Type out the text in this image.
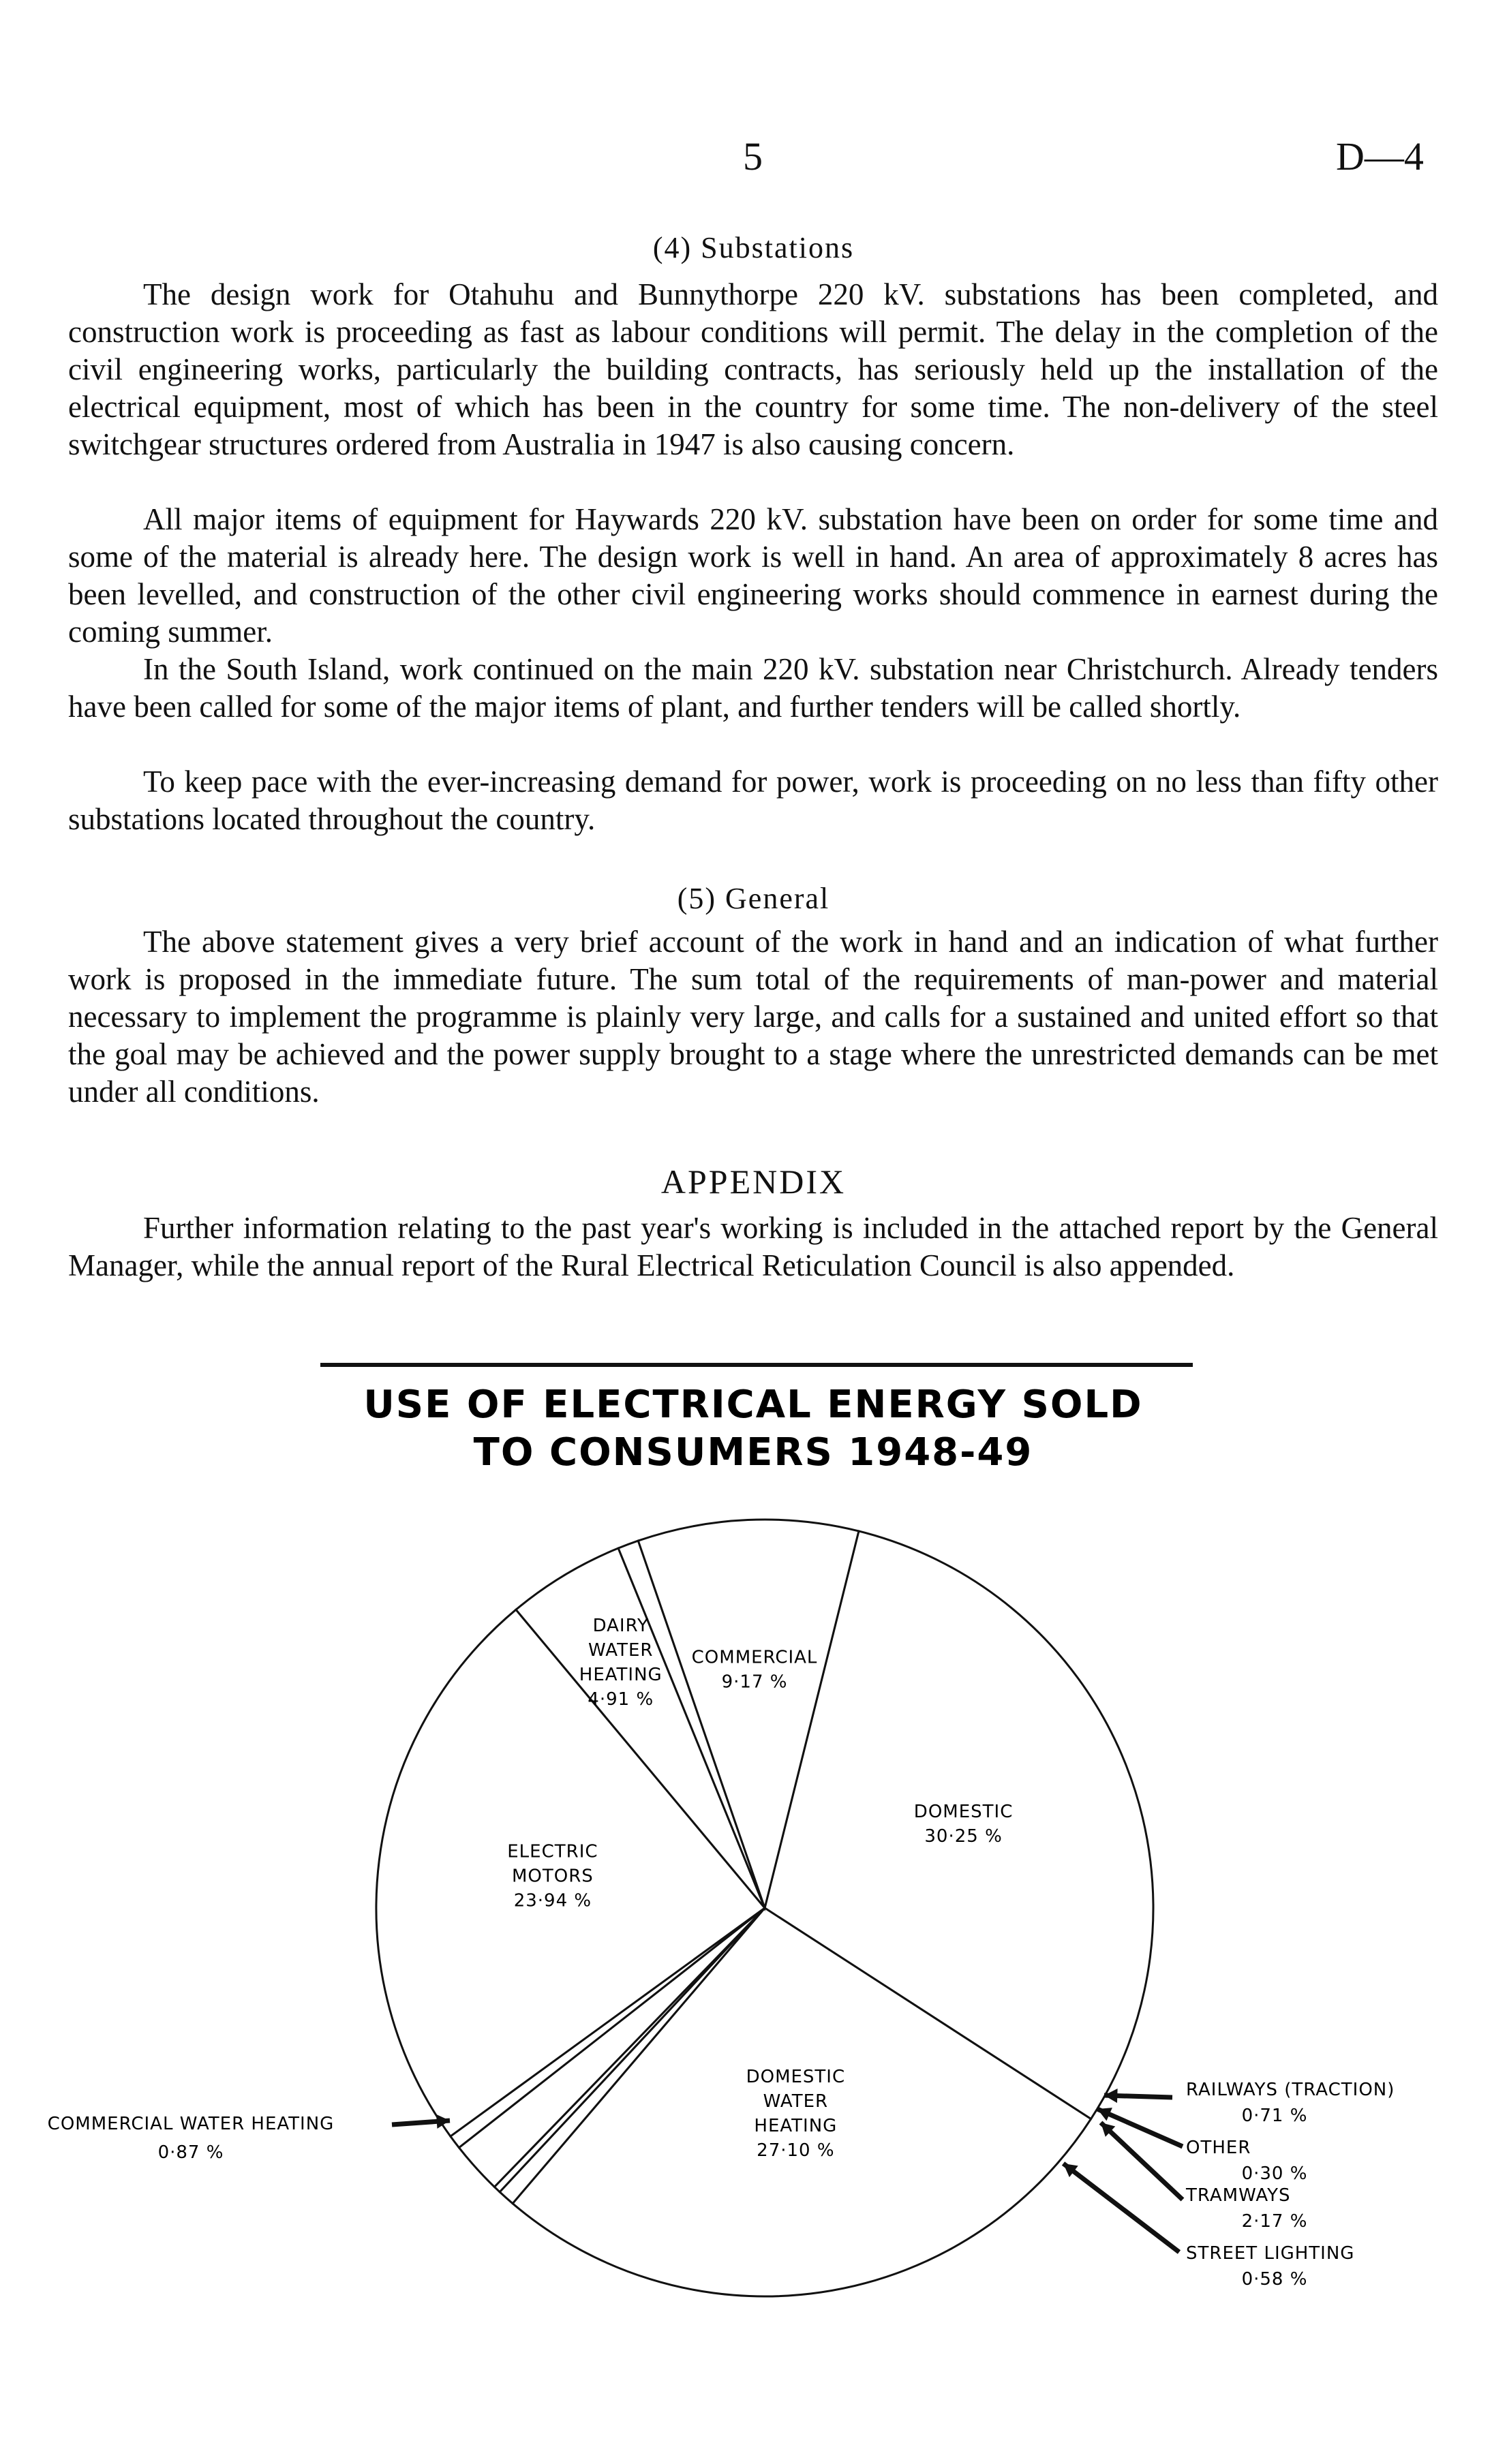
5	D—4
(4) Substations

The design work for Otahuhu and Bunnythorpe 220 kV. substations has been completed, and construction work is proceeding as fast as labour conditions will permit. The delay in the completion of the civil engineering works, particularly the building contracts, has seriously held up the installation of the electrical equipment, most of which has been in the country for some time. The non-delivery of the steel switchgear structures ordered from Australia in 1947 is also causing concern.

All major items of equipment for Haywards 220 kV. substation have been on order for some time and some of the material is already here. The design work is well in hand. An area of approximately 8 acres has been levelled, and construction of the other civil engineering works should commence in earnest during the coming summer.

In the South Island, work continued on the main 220 kV. substation near Christchurch. Already tenders have been called for some of the major items of plant, and further tenders will be called shortly.

To keep pace with the ever-increasing demand for power, work is proceeding on no less than fifty other substations located throughout the country.

(5) General

The above statement gives a very brief account of the work in hand and an indication of what further work is proposed in the immediate future. The sum total of the requirements of man-power and material necessary to implement the programme is plainly very large, and calls for a sustained and united effort so that the goal may be achieved and the power supply brought to a stage where the unrestricted demands can be met under all conditions.

APPENDIX

Further information relating to the past year's working is included in the attached report by the General Manager, while the annual report of the Rural Electrical Reticulation Council is also appended.

USE OF ELECTRICAL ENERGY SOLD
TO CONSUMERS 1948-49
DOMESTIC 30·25 %
DOMESTIC WATER HEATING 27·10 %
ELECTRIC MOTORS 23·94 %
DAIRY WATER HEATING 4·91 %
COMMERCIAL 9·17 %
RAILWAYS (TRACTION)
0·71 %
OTHER
0·30 %
TRAMWAYS
2·17 %
STREET LIGHTING
0·58 %
COMMERCIAL WATER HEATING
0·87 %
